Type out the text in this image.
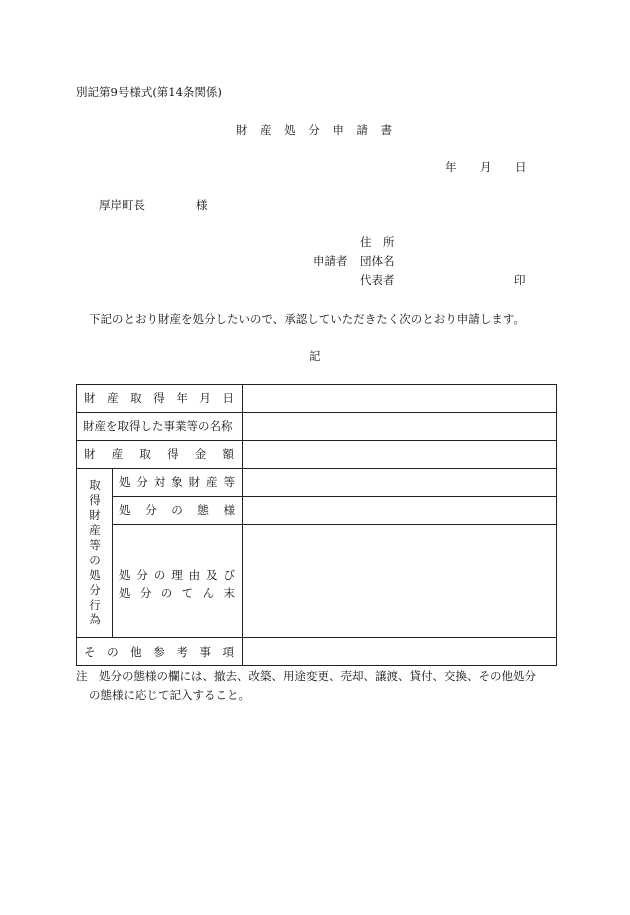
別記第9号様式(第14条関係)
財 産 処 分 申 請 書
年 月 日
厚岸町長	様
住　所
申請者 団体名
代表者	印
下記のとおり財産を処分したいので、承認していただきたく次のとおり申請します。
記
財 産 取 得 年 月 日
財産を取得した事業等の名称
財 産 取 得 金 額
取
得
財
産
等
の
処
分
行
為
処 分 対 象 財 産 等
処 分 の 態 様
処 分 の 理 由 及 び
処 分 の て ん 末
そ の 他 参 考 事 項
注　処分の態様の欄には、撤去、改築、用途変更、売却、譲渡、貸付、交換、その他処分
の態様に応じて記入すること。
